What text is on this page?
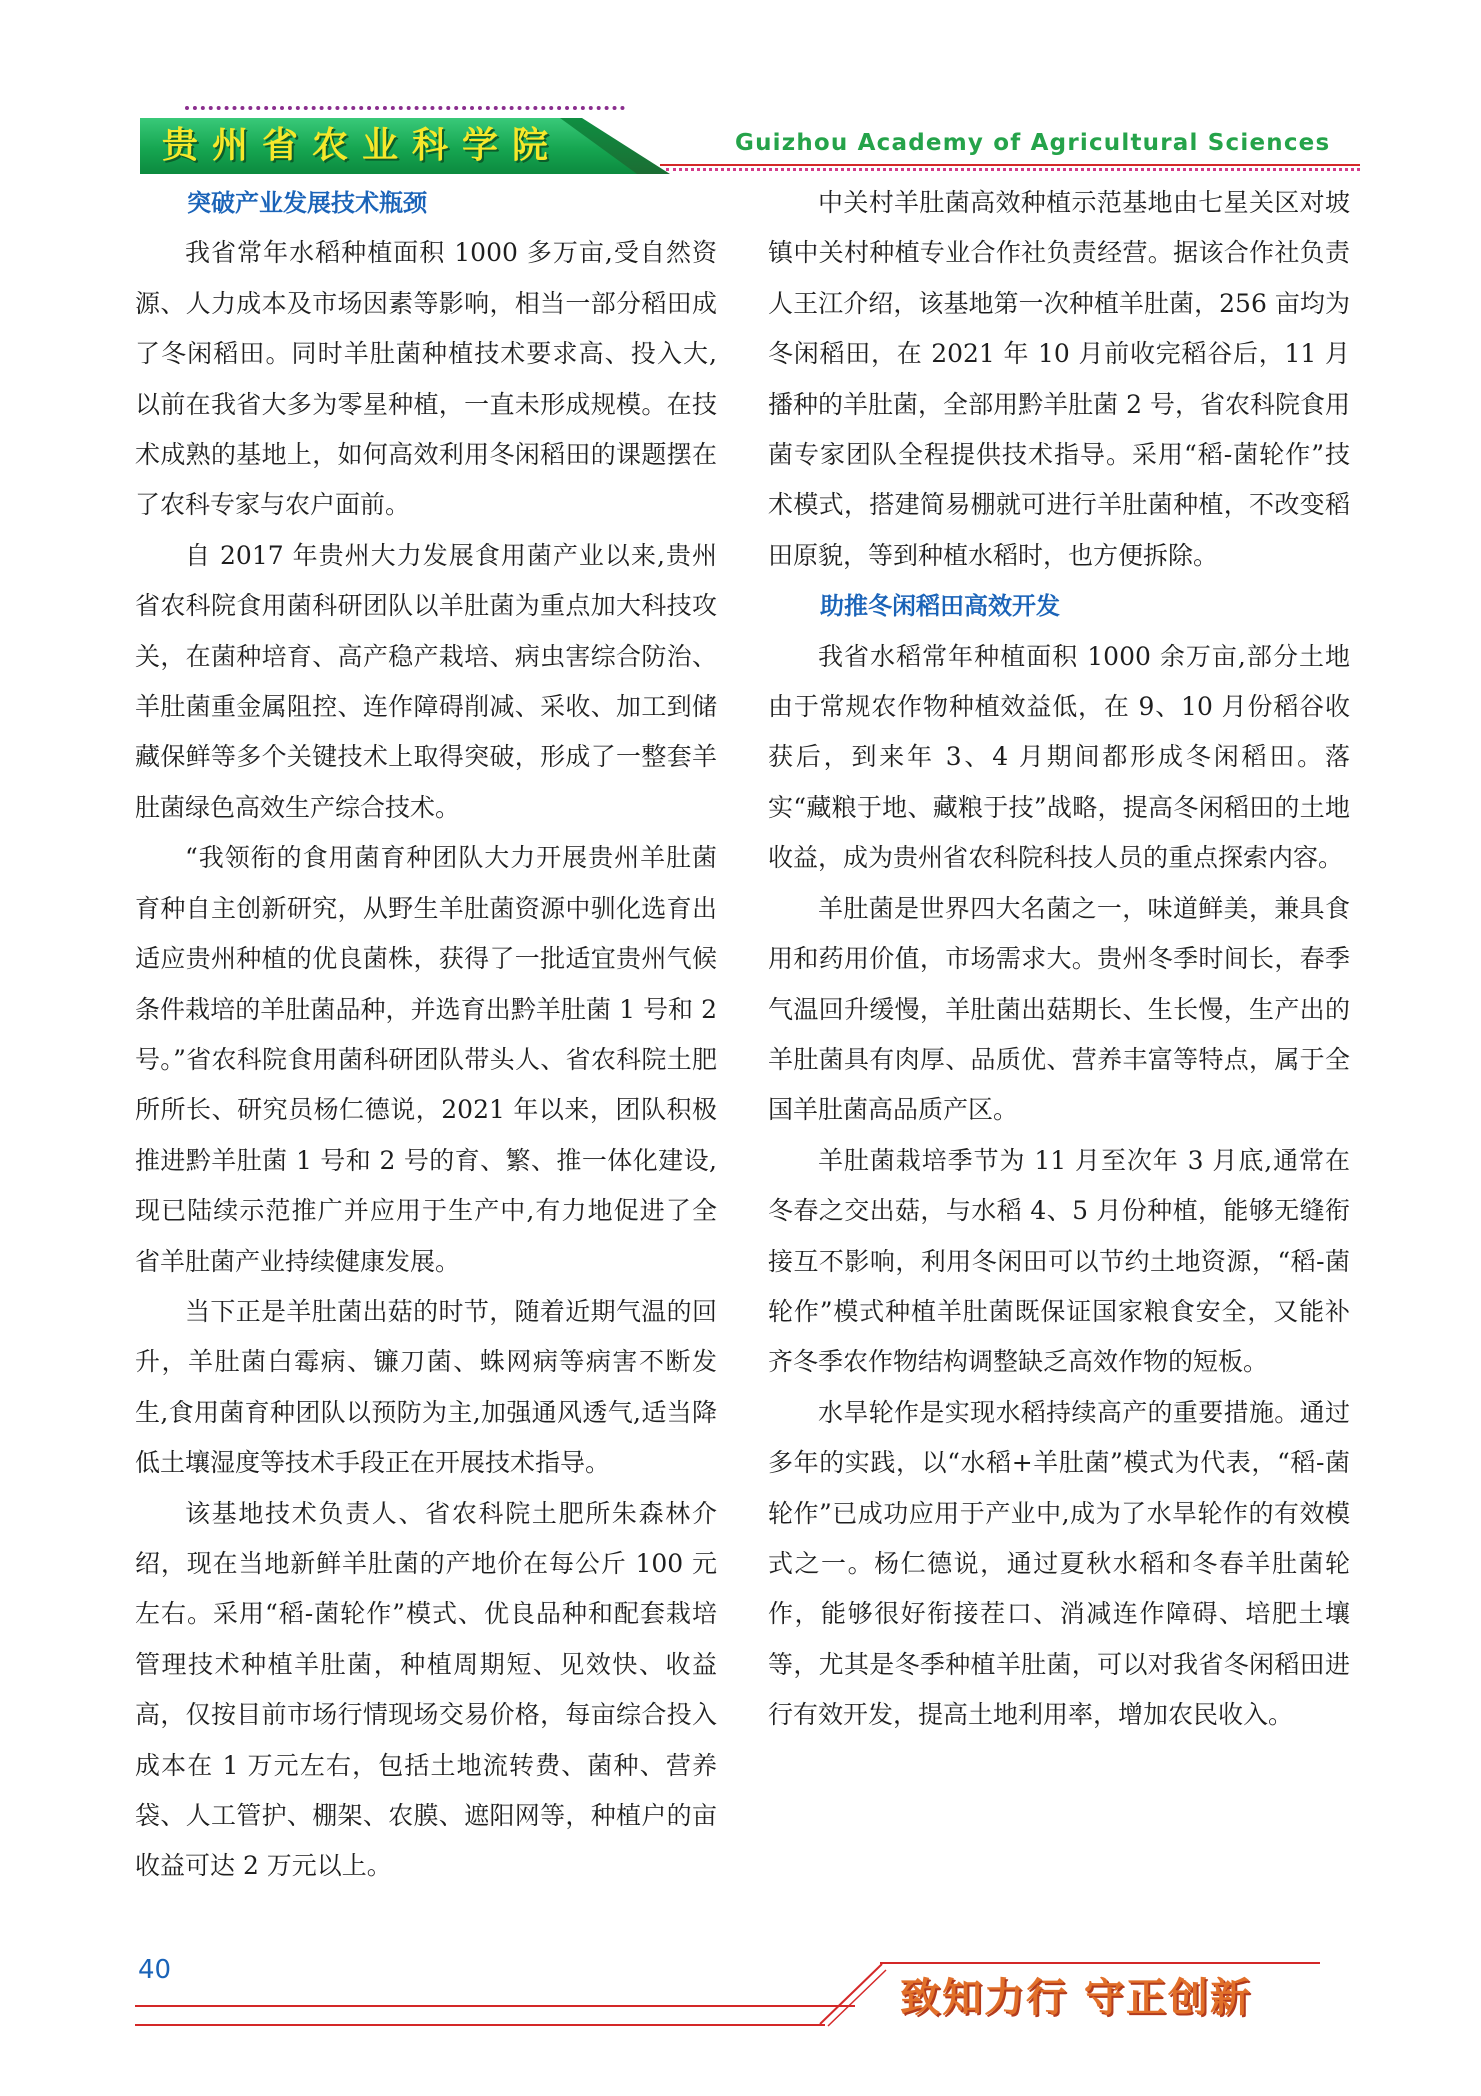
贵州省农业科学院	Guizhou Academy of Agricultural Sciences
突破产业发展技术瓶颈

我省常年水稻种植面积 1000 多万亩,受自然资源、人力成本及市场因素等影响，相当一部分稻田成了冬闲稻田。同时羊肚菌种植技术要求高、投入大,以前在我省大多为零星种植，一直未形成规模。在技术成熟的基地上，如何高效利用冬闲稻田的课题摆在了农科专家与农户面前。

自 2017 年贵州大力发展食用菌产业以来,贵州省农科院食用菌科研团队以羊肚菌为重点加大科技攻关，在菌种培育、高产稳产栽培、病虫害综合防治、羊肚菌重金属阻控、连作障碍削减、采收、加工到储藏保鲜等多个关键技术上取得突破，形成了一整套羊肚菌绿色高效生产综合技术。

“我领衔的食用菌育种团队大力开展贵州羊肚菌育种自主创新研究，从野生羊肚菌资源中驯化选育出适应贵州种植的优良菌株，获得了一批适宜贵州气候条件栽培的羊肚菌品种，并选育出黔羊肚菌 1 号和 2 号。”省农科院食用菌科研团队带头人、省农科院土肥所所长、研究员杨仁德说，2021 年以来，团队积极推进黔羊肚菌 1 号和 2 号的育、繁、推一体化建设,现已陆续示范推广并应用于生产中,有力地促进了全省羊肚菌产业持续健康发展。

当下正是羊肚菌出菇的时节，随着近期气温的回升，羊肚菌白霉病、镰刀菌、蛛网病等病害不断发生,食用菌育种团队以预防为主,加强通风透气,适当降低土壤湿度等技术手段正在开展技术指导。

该基地技术负责人、省农科院土肥所朱森林介绍，现在当地新鲜羊肚菌的产地价在每公斤 100 元左右。采用“稻-菌轮作”模式、优良品种和配套栽培管理技术种植羊肚菌，种植周期短、见效快、收益高，仅按目前市场行情现场交易价格，每亩综合投入成本在 1 万元左右，包括土地流转费、菌种、营养袋、人工管护、棚架、农膜、遮阳网等，种植户的亩收益可达 2 万元以上。

中关村羊肚菌高效种植示范基地由七星关区对坡镇中关村种植专业合作社负责经营。据该合作社负责人王江介绍，该基地第一次种植羊肚菌，256 亩均为冬闲稻田，在 2021 年 10 月前收完稻谷后，11 月播种的羊肚菌，全部用黔羊肚菌 2 号，省农科院食用菌专家团队全程提供技术指导。采用“稻-菌轮作”技术模式，搭建简易棚就可进行羊肚菌种植，不改变稻田原貌，等到种植水稻时，也方便拆除。

助推冬闲稻田高效开发

我省水稻常年种植面积 1000 余万亩,部分土地由于常规农作物种植效益低，在 9、10 月份稻谷收获后，到来年 3、4 月期间都形成冬闲稻田。落实“藏粮于地、藏粮于技”战略，提高冬闲稻田的土地收益，成为贵州省农科院科技人员的重点探索内容。

羊肚菌是世界四大名菌之一，味道鲜美，兼具食用和药用价值，市场需求大。贵州冬季时间长，春季气温回升缓慢，羊肚菌出菇期长、生长慢，生产出的羊肚菌具有肉厚、品质优、营养丰富等特点，属于全国羊肚菌高品质产区。

羊肚菌栽培季节为 11 月至次年 3 月底,通常在冬春之交出菇，与水稻 4、5 月份种植，能够无缝衔接互不影响，利用冬闲田可以节约土地资源，“稻-菌轮作”模式种植羊肚菌既保证国家粮食安全，又能补齐冬季农作物结构调整缺乏高效作物的短板。

水旱轮作是实现水稻持续高产的重要措施。通过多年的实践，以“水稻+羊肚菌”模式为代表，“稻-菌轮作”已成功应用于产业中,成为了水旱轮作的有效模式之一。杨仁德说，通过夏秋水稻和冬春羊肚菌轮作，能够很好衔接茬口、消减连作障碍、培肥土壤等，尤其是冬季种植羊肚菌，可以对我省冬闲稻田进行有效开发，提高土地利用率，增加农民收入。

40
致知力行 守正创新
